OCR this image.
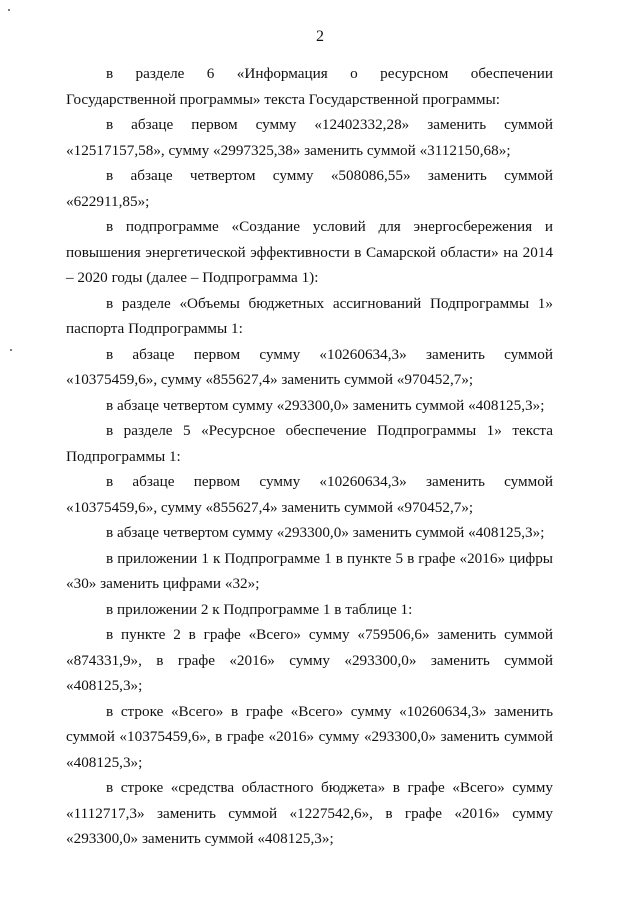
2

в разделе 6 «Информация о ресурсном обеспечении Государственной программы» текста Государственной программы:

в абзаце первом сумму «12402332,28» заменить суммой «12517157,58», сумму «2997325,38» заменить суммой «3112150,68»;

в абзаце четвертом сумму «508086,55» заменить суммой «622911,85»;

в подпрограмме «Создание условий для энергосбережения и повышения энергетической эффективности в Самарской области» на 2014 – 2020 годы (далее – Подпрограмма 1):

в разделе «Объемы бюджетных ассигнований Подпрограммы 1» паспорта Подпрограммы 1:

в абзаце первом сумму «10260634,3» заменить суммой «10375459,6», сумму «855627,4» заменить суммой «970452,7»;

в абзаце четвертом сумму «293300,0» заменить суммой «408125,3»;

в разделе 5 «Ресурсное обеспечение Подпрограммы 1» текста Подпрограммы 1:

в абзаце первом сумму «10260634,3» заменить суммой «10375459,6», сумму «855627,4» заменить суммой «970452,7»;

в абзаце четвертом сумму «293300,0» заменить суммой «408125,3»;

в приложении 1 к Подпрограмме 1 в пункте 5 в графе «2016» цифры «30» заменить цифрами «32»;

в приложении 2 к Подпрограмме 1 в таблице 1:

в пункте 2 в графе «Всего» сумму «759506,6» заменить суммой «874331,9», в графе «2016» сумму «293300,0» заменить суммой «408125,3»;

в строке «Всего» в графе «Всего» сумму «10260634,3» заменить суммой «10375459,6», в графе «2016» сумму «293300,0» заменить суммой «408125,3»;

в строке «средства областного бюджета» в графе «Всего» сумму «1112717,3» заменить суммой «1227542,6», в графе «2016» сумму «293300,0» заменить суммой «408125,3»;
